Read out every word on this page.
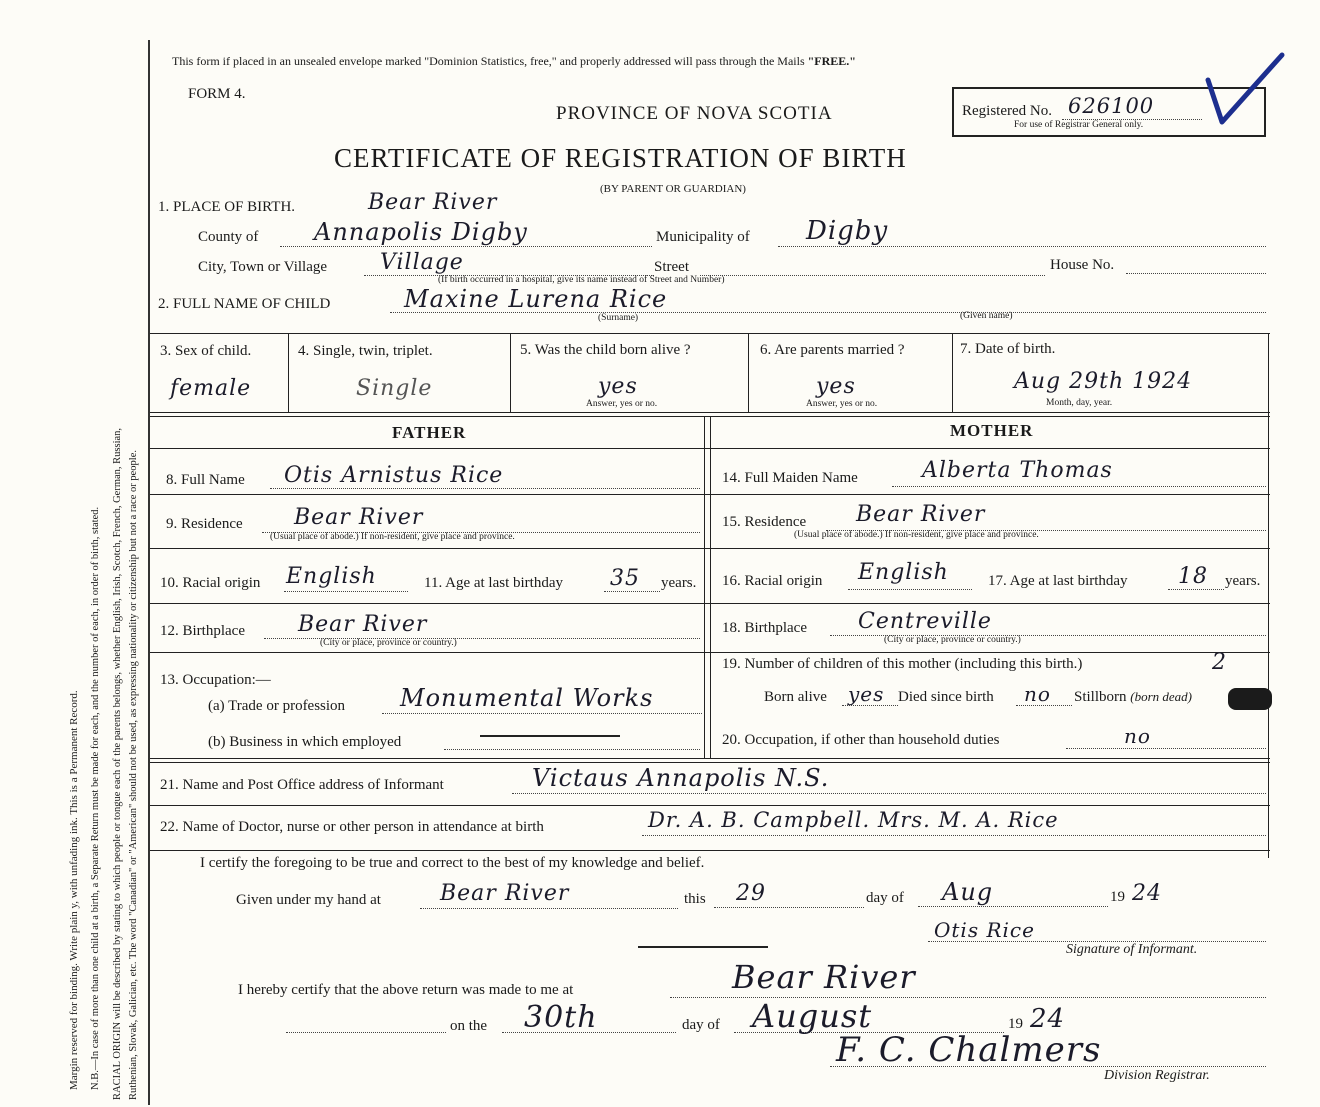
Margin reserved for binding. Write plain y, with unfading ink. This is a Permanent Record. N.B.—In case of more than one child at a birth, a Separate Return must be made for each, and the number of each, in order of birth, stated. RACIAL ORIGIN will be described by stating to which people or tongue each of the parents belongs, whether English, Irish, Scotch, French, German, Russian, Ruthenian, Slovak, Galician, etc. The word "Canadian" or "American" should not be used, as expressing nationality or citizenship but not a race or people.
This form if placed in an unsealed envelope marked "Dominion Statistics, free," and properly addressed will pass through the Mails "FREE."
FORM 4.
PROVINCE OF NOVA SCOTIA
CERTIFICATE OF REGISTRATION OF BIRTH
(BY PARENT OR GUARDIAN)
Registered No. 626100
For use of Registrar General only.
1. PLACE OF BIRTH.	Bear River
County of Annapolis Digby	Municipality of Digby
City, Town or Village Village	Street	House No.
(If birth occurred in a hospital, give its name instead of Street and Number)
2. FULL NAME OF CHILD	Maxine Lurena Rice
(Surname)	(Given name)
3. Sex of child.
female
4. Single, twin, triplet.
Single
5. Was the child born alive ?
yes
Answer, yes or no.
6. Are parents married ?
yes
Answer, yes or no.
7. Date of birth.
Aug 29th 1924
Month, day, year.
FATHER	MOTHER
8. Full Name Otis Arnistus Rice
9. Residence Bear River
(Usual place of abode.) If non-resident, give place and province.
10. Racial origin English	11. Age at last birthday 35 years.
12. Birthplace Bear River
(City or place, province or country.)
13. Occupation:—
(a) Trade or profession Monumental Works
(b) Business in which employed
14. Full Maiden Name	Alberta Thomas
15. Residence Bear River
(Usual place of abode.) If non-resident, give place and province.
16. Racial origin English	17. Age at last birthday 18 years.
18. Birthplace Centreville
(City or place, province or country.)
19. Number of children of this mother (including this birth.)	2
Born alive yes Died since birth no Stillborn (born dead)
20. Occupation, if other than household duties	no
21. Name and Post Office address of Informant	Victaus Annapolis N.S.
22. Name of Doctor, nurse or other person in attendance at birth	Dr. A. B. Campbell. Mrs. M. A. Rice
I certify the foregoing to be true and correct to the best of my knowledge and belief.
Given under my hand at	Bear River	this 29	day of Aug	19 24
Otis Rice
Signature of Informant.
I hereby certify that the above return was made to me at	Bear River
on the 30th	day of August	19 24
F. C. Chalmers
Division Registrar.
